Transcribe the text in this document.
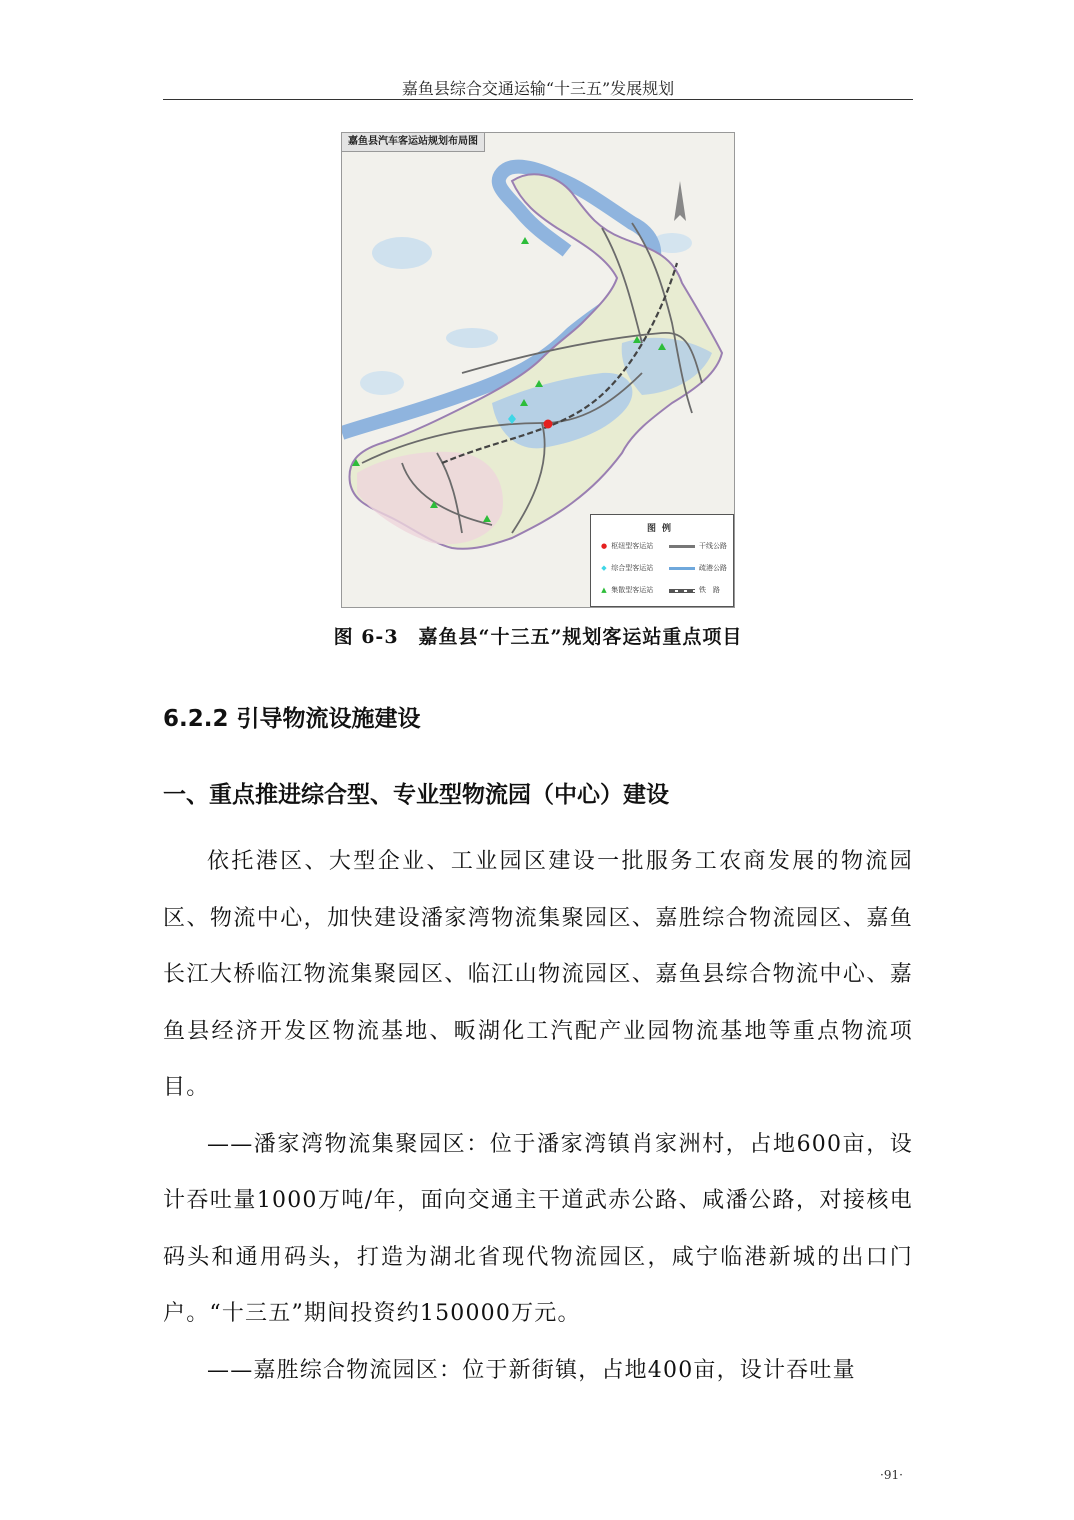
嘉鱼县综合交通运输“十三五”发展规划
嘉鱼县汽车客运站规划布局图
图例
● 枢纽型客运站
◆ 综合型客运站
▲ 集散型客运站
干线公路
疏港公路
铁　路
图 6-3　嘉鱼县“十三五”规划客运站重点项目
6.2.2 引导物流设施建设
一、重点推进综合型、专业型物流园（中心）建设

依托港区、大型企业、工业园区建设一批服务工农商发展的物流园区、物流中心，加快建设潘家湾物流集聚园区、嘉胜综合物流园区、嘉鱼长江大桥临江物流集聚园区、临江山物流园区、嘉鱼县综合物流中心、嘉鱼县经济开发区物流基地、畈湖化工汽配产业园物流基地等重点物流项目。

——潘家湾物流集聚园区：位于潘家湾镇肖家洲村，占地600亩，设计吞吐量1000万吨/年，面向交通主干道武赤公路、咸潘公路，对接核电码头和通用码头，打造为湖北省现代物流园区，咸宁临港新城的出口门户。“十三五”期间投资约150000万元。

——嘉胜综合物流园区：位于新街镇，占地400亩，设计吞吐量

·91·
